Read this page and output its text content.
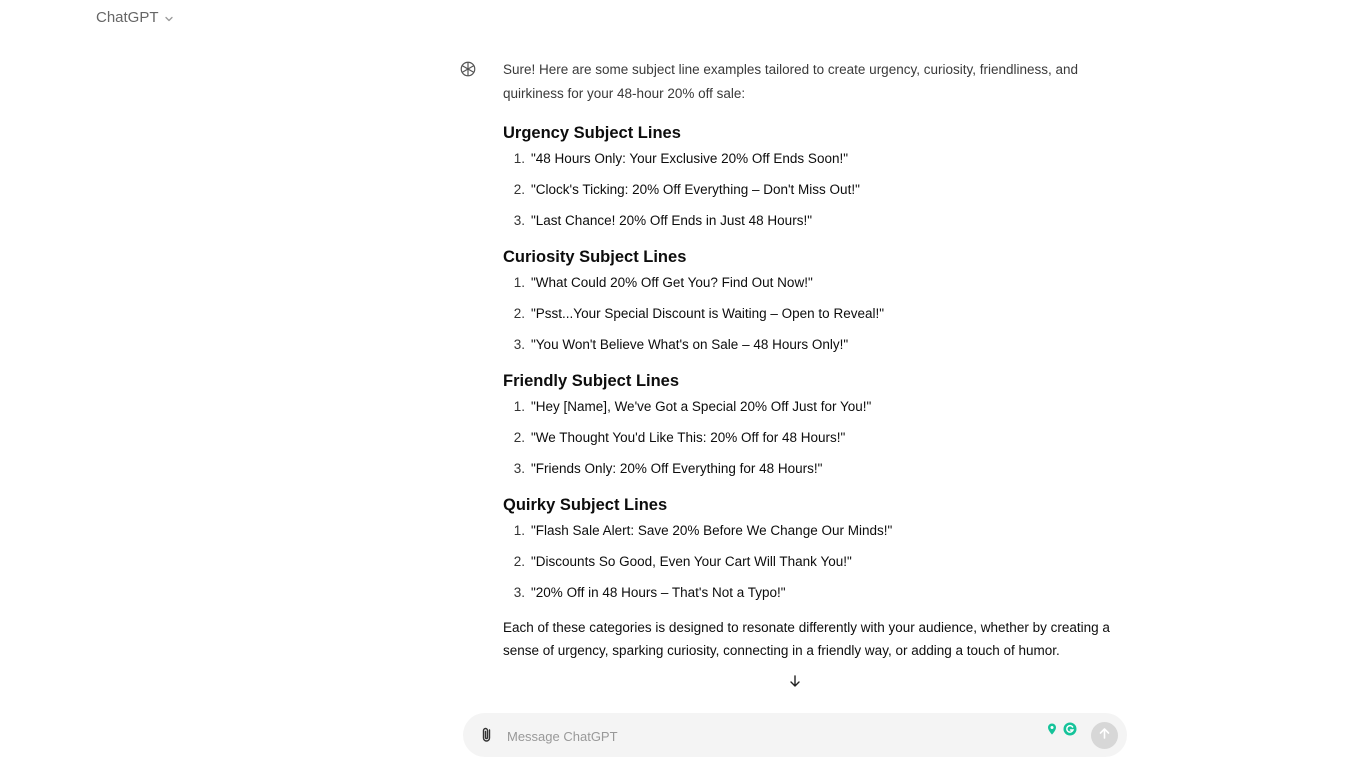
ChatGPT

Sure! Here are some subject line examples tailored to create urgency, curiosity, friendliness, and quirkiness for your 48-hour 20% off sale:

Urgency Subject Lines
1. "48 Hours Only: Your Exclusive 20% Off Ends Soon!"
2. "Clock's Ticking: 20% Off Everything – Don't Miss Out!"
3. "Last Chance! 20% Off Ends in Just 48 Hours!"
Curiosity Subject Lines
1. "What Could 20% Off Get You? Find Out Now!"
2. "Psst...Your Special Discount is Waiting – Open to Reveal!"
3. "You Won't Believe What's on Sale – 48 Hours Only!"
Friendly Subject Lines
1. "Hey [Name], We've Got a Special 20% Off Just for You!"
2. "We Thought You'd Like This: 20% Off for 48 Hours!"
3. "Friends Only: 20% Off Everything for 48 Hours!"
Quirky Subject Lines
1. "Flash Sale Alert: Save 20% Before We Change Our Minds!"
2. "Discounts So Good, Even Your Cart Will Thank You!"
3. "20% Off in 48 Hours – That's Not a Typo!"

Each of these categories is designed to resonate differently with your audience, whether by creating a sense of urgency, sparking curiosity, connecting in a friendly way, or adding a touch of humor.

Message ChatGPT
